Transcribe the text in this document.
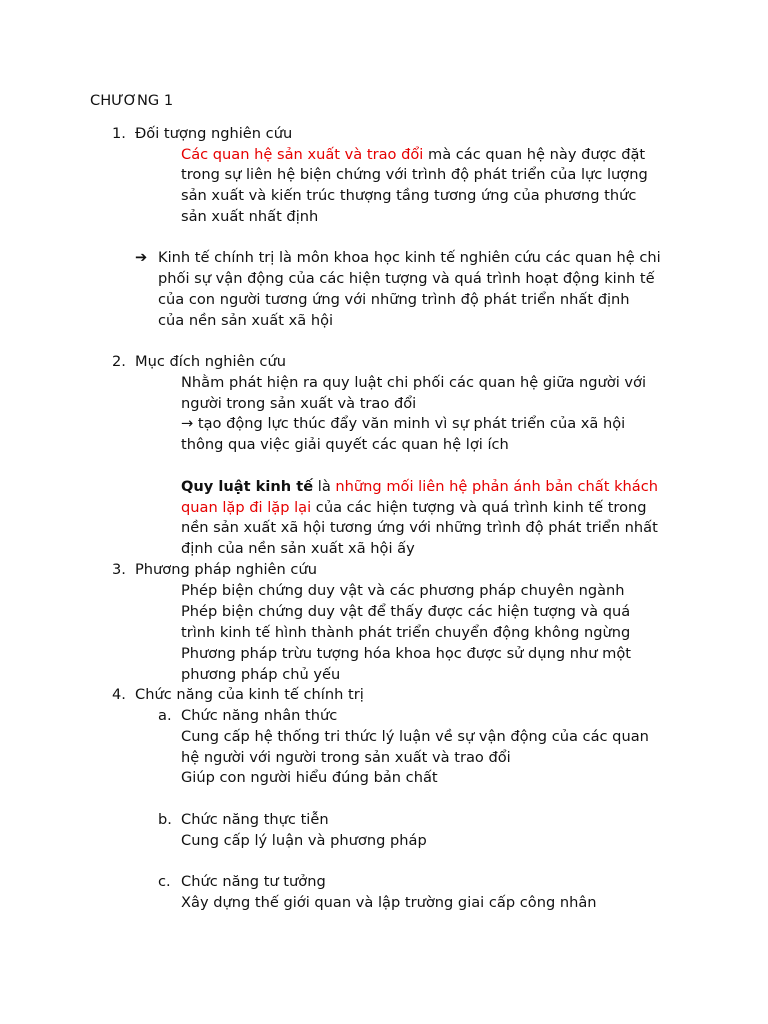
CHƯƠNG 1
1. Đối tượng nghiên cứu
Các quan hệ sản xuất và trao đổi mà các quan hệ này được đặt
trong sự liên hệ biện chứng với trình độ phát triển của lực lượng
sản xuất và kiến trúc thượng tầng tương ứng của phương thức
sản xuất nhất định
➔ Kinh tế chính trị là môn khoa học kinh tế nghiên cứu các quan hệ chi
phối sự vận động của các hiện tượng và quá trình hoạt động kinh tế
của con người tương ứng với những trình độ phát triển nhất định
của nền sản xuất xã hội
2. Mục đích nghiên cứu
Nhằm phát hiện ra quy luật chi phối các quan hệ giữa người với
người trong sản xuất và trao đổi
→ tạo động lực thúc đẩy văn minh vì sự phát triển của xã hội
thông qua việc giải quyết các quan hệ lợi ích
Quy luật kinh tế là những mối liên hệ phản ánh bản chất khách
quan lặp đi lặp lại của các hiện tượng và quá trình kinh tế trong
nền sản xuất xã hội tương ứng với những trình độ phát triển nhất
định của nền sản xuất xã hội ấy
3. Phương pháp nghiên cứu
Phép biện chứng duy vật và các phương pháp chuyên ngành
Phép biện chứng duy vật để thấy được các hiện tượng và quá
trình kinh tế hình thành phát triển chuyển động không ngừng
Phương pháp trừu tượng hóa khoa học được sử dụng như một
phương pháp chủ yếu
4. Chức năng của kinh tế chính trị
a. Chức năng nhân thức
Cung cấp hệ thống tri thức lý luận về sự vận động của các quan
hệ người với người trong sản xuất và trao đổi
Giúp con người hiểu đúng bản chất
b. Chức năng thực tiễn
Cung cấp lý luận và phương pháp
c. Chức năng tư tưởng
Xây dựng thế giới quan và lập trường giai cấp công nhân
